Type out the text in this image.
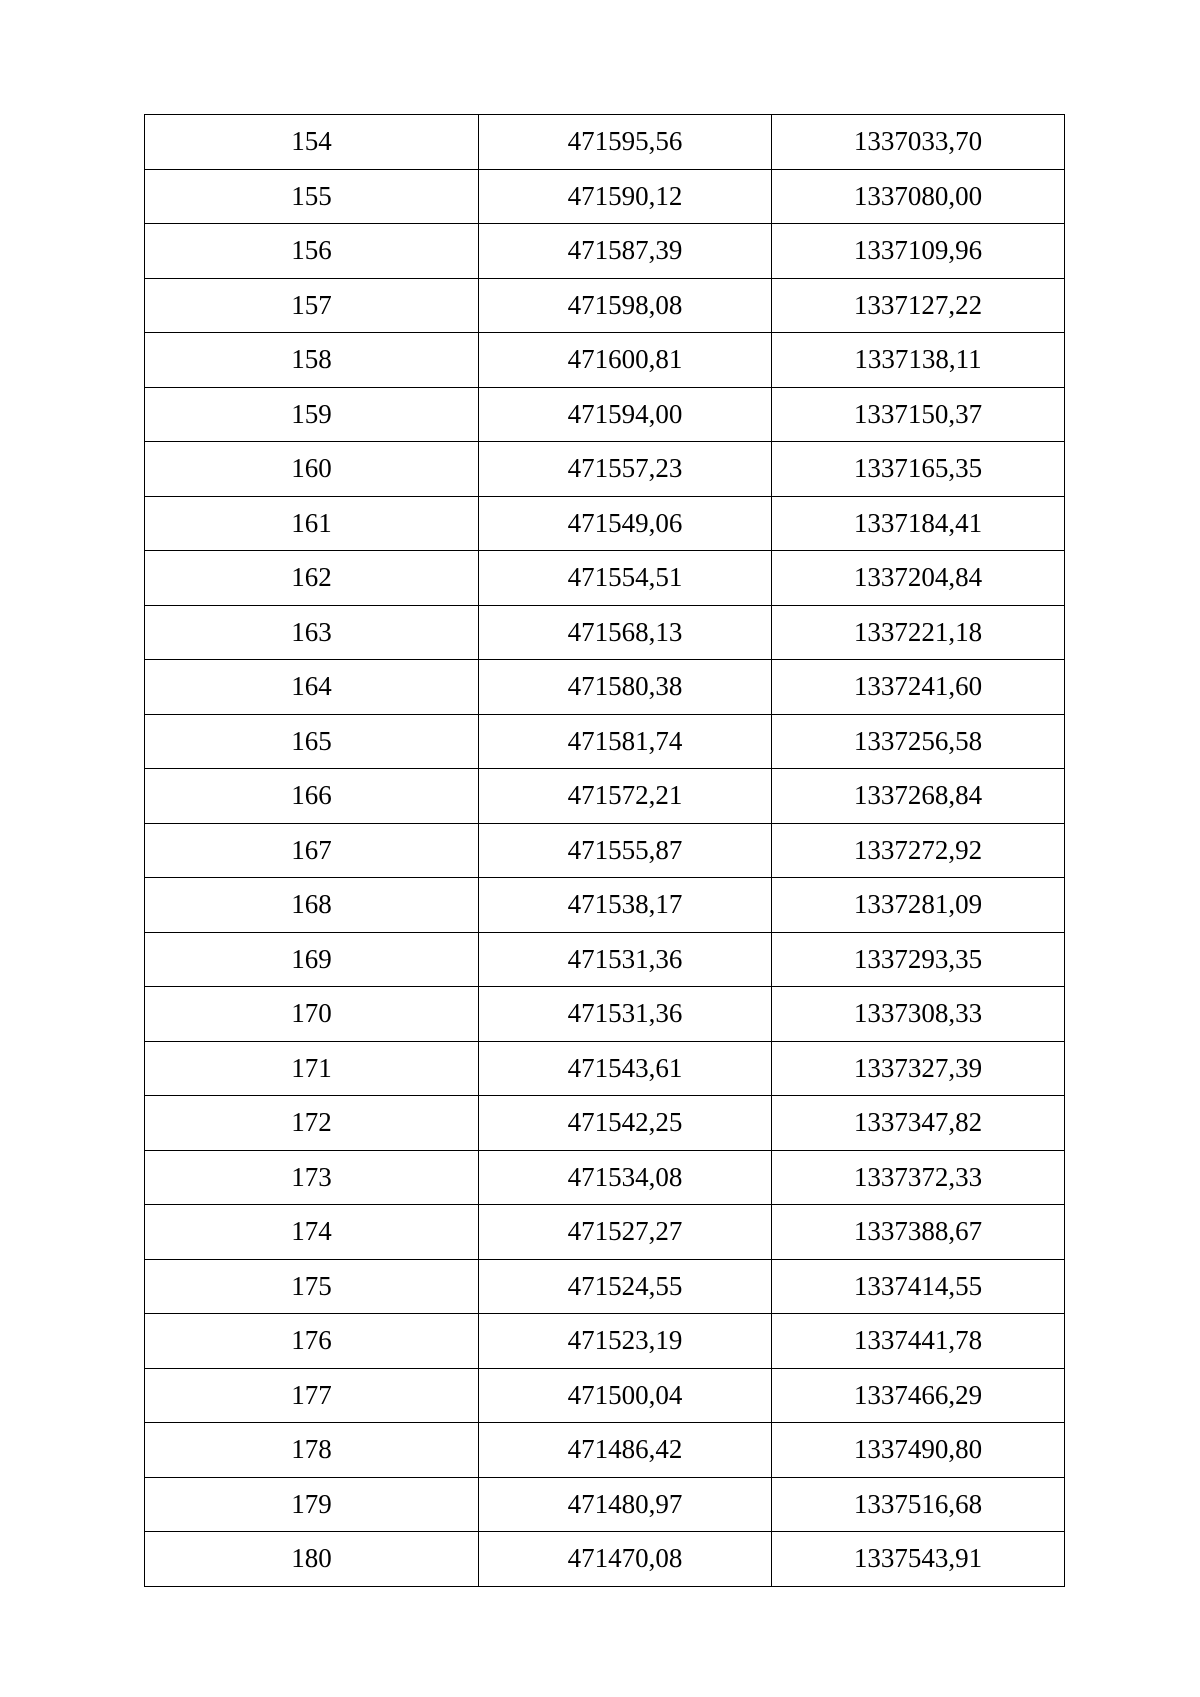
154	471595,56	1337033,70
155	471590,12	1337080,00
156	471587,39	1337109,96
157	471598,08	1337127,22
158	471600,81	1337138,11
159	471594,00	1337150,37
160	471557,23	1337165,35
161	471549,06	1337184,41
162	471554,51	1337204,84
163	471568,13	1337221,18
164	471580,38	1337241,60
165	471581,74	1337256,58
166	471572,21	1337268,84
167	471555,87	1337272,92
168	471538,17	1337281,09
169	471531,36	1337293,35
170	471531,36	1337308,33
171	471543,61	1337327,39
172	471542,25	1337347,82
173	471534,08	1337372,33
174	471527,27	1337388,67
175	471524,55	1337414,55
176	471523,19	1337441,78
177	471500,04	1337466,29
178	471486,42	1337490,80
179	471480,97	1337516,68
180	471470,08	1337543,91
